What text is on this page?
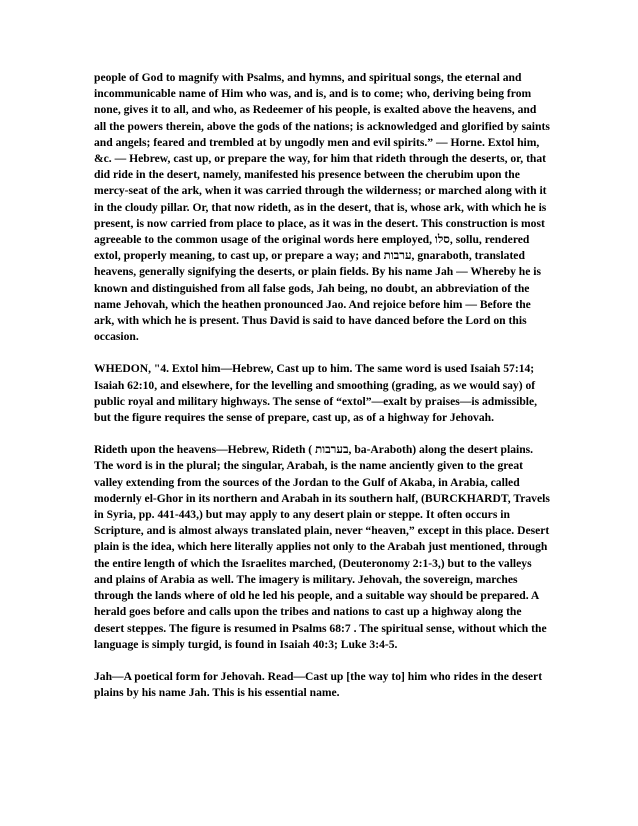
people of God to magnify with Psalms, and hymns, and spiritual songs, the eternal and incommunicable name of Him who was, and is, and is to come; who, deriving being from none, gives it to all, and who, as Redeemer of his people, is exalted above the heavens, and all the powers therein, above the gods of the nations; is acknowledged and glorified by saints and angels; feared and trembled at by ungodly men and evil spirits.” — Horne. Extol him, &c. — Hebrew, cast up, or prepare the way, for him that rideth through the deserts, or, that did ride in the desert, namely, manifested his presence between the cherubim upon the mercy-seat of the ark, when it was carried through the wilderness; or marched along with it in the cloudy pillar. Or, that now rideth, as in the desert, that is, whose ark, with which he is present, is now carried from place to place, as it was in the desert. This construction is most agreeable to the common usage of the original words here employed, סלו, sollu, rendered extol, properly meaning, to cast up, or prepare a way; and ערבות, gnaraboth, translated heavens, generally signifying the deserts, or plain fields. By his name Jah — Whereby he is known and distinguished from all false gods, Jah being, no doubt, an abbreviation of the name Jehovah, which the heathen pronounced Jao. And rejoice before him — Before the ark, with which he is present. Thus David is said to have danced before the Lord on this occasion.

WHEDON, "4. Extol him—Hebrew, Cast up to him. The same word is used Isaiah 57:14; Isaiah 62:10, and elsewhere, for the levelling and smoothing (grading, as we would say) of public royal and military highways. The sense of “extol”—exalt by praises—is admissible, but the figure requires the sense of prepare, cast up, as of a highway for Jehovah.

Rideth upon the heavens—Hebrew, Rideth ( בערבות, ba-Araboth) along the desert plains. The word is in the plural; the singular, Arabah, is the name anciently given to the great valley extending from the sources of the Jordan to the Gulf of Akaba, in Arabia, called modernly el-Ghor in its northern and Arabah in its southern half, (BURCKHARDT, Travels in Syria, pp. 441-443,) but may apply to any desert plain or steppe. It often occurs in Scripture, and is almost always translated plain, never “heaven,” except in this place. Desert plain is the idea, which here literally applies not only to the Arabah just mentioned, through the entire length of which the Israelites marched, (Deuteronomy 2:1-3,) but to the valleys and plains of Arabia as well. The imagery is military. Jehovah, the sovereign, marches through the lands where of old he led his people, and a suitable way should be prepared. A herald goes before and calls upon the tribes and nations to cast up a highway along the desert steppes. The figure is resumed in Psalms 68:7 . The spiritual sense, without which the language is simply turgid, is found in Isaiah 40:3; Luke 3:4-5.

Jah—A poetical form for Jehovah. Read—Cast up [the way to] him who rides in the desert plains by his name Jah. This is his essential name.
